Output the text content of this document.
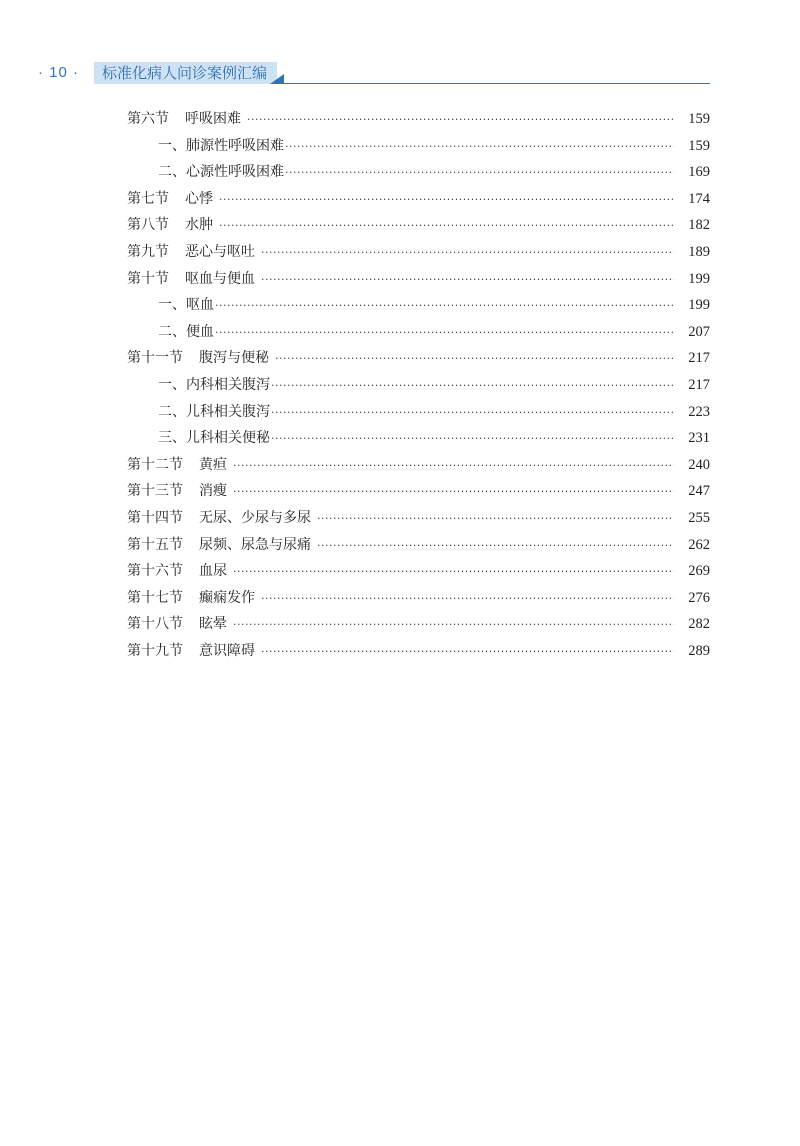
· 10 ·	标准化病人问诊案例汇编
第六节 呼吸困难 ·····	159
一、肺源性呼吸困难 ·····	159
二、心源性呼吸困难 ·····	169
第七节 心悸 ·····	174
第八节 水肿 ·····	182
第九节 恶心与呕吐 ·····	189
第十节 呕血与便血 ·····	199
一、呕血 ·····	199
二、便血 ·····	207
第十一节 腹泻与便秘 ·····	217
一、内科相关腹泻 ·····	217
二、儿科相关腹泻 ·····	223
三、儿科相关便秘 ·····	231
第十二节 黄疸 ·····	240
第十三节 消瘦 ·····	247
第十四节 无尿、少尿与多尿 ·····	255
第十五节 尿频、尿急与尿痛 ·····	262
第十六节 血尿 ·····	269
第十七节 癫痫发作 ·····	276
第十八节 眩晕 ·····	282
第十九节 意识障碍 ·····	289
